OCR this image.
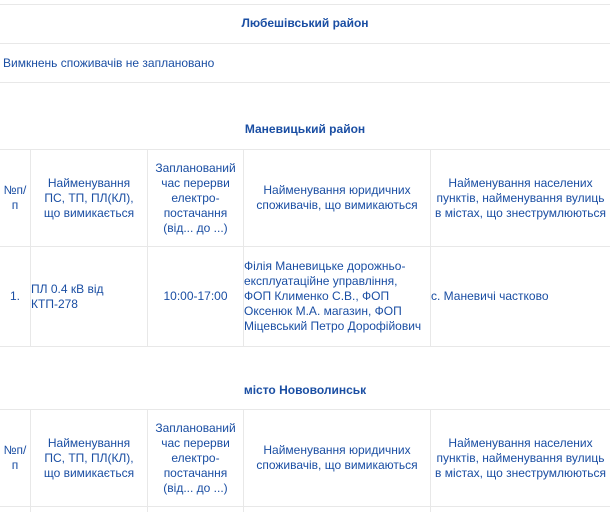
Любешівський район
Вимкнень споживачів не заплановано
Маневицький район
№п/п
Найменування ПС, ТП, ПЛ(КЛ), що вимикається
Запланований час перерви електро-постачання (від... до ...)
Найменування юридичних споживачів, що вимикаються
Найменування населених пунктів, найменування вулиць в містах, що знеструмлюються
1.
ПЛ 0.4 кВ від КТП-278
10:00-17:00
Філія Маневицьке дорожньо-експлуатаційне управління, ФОП Клименко С.В., ФОП Оксенюк М.А. магазин, ФОП Міцевський Петро Дорофійович
с. Маневичі частково
місто Нововолинськ
№п/п
Найменування ПС, ТП, ПЛ(КЛ), що вимикається
Запланований час перерви електро-постачання (від... до ...)
Найменування юридичних споживачів, що вимикаються
Найменування населених пунктів, найменування вулиць в містах, що знеструмлюються
